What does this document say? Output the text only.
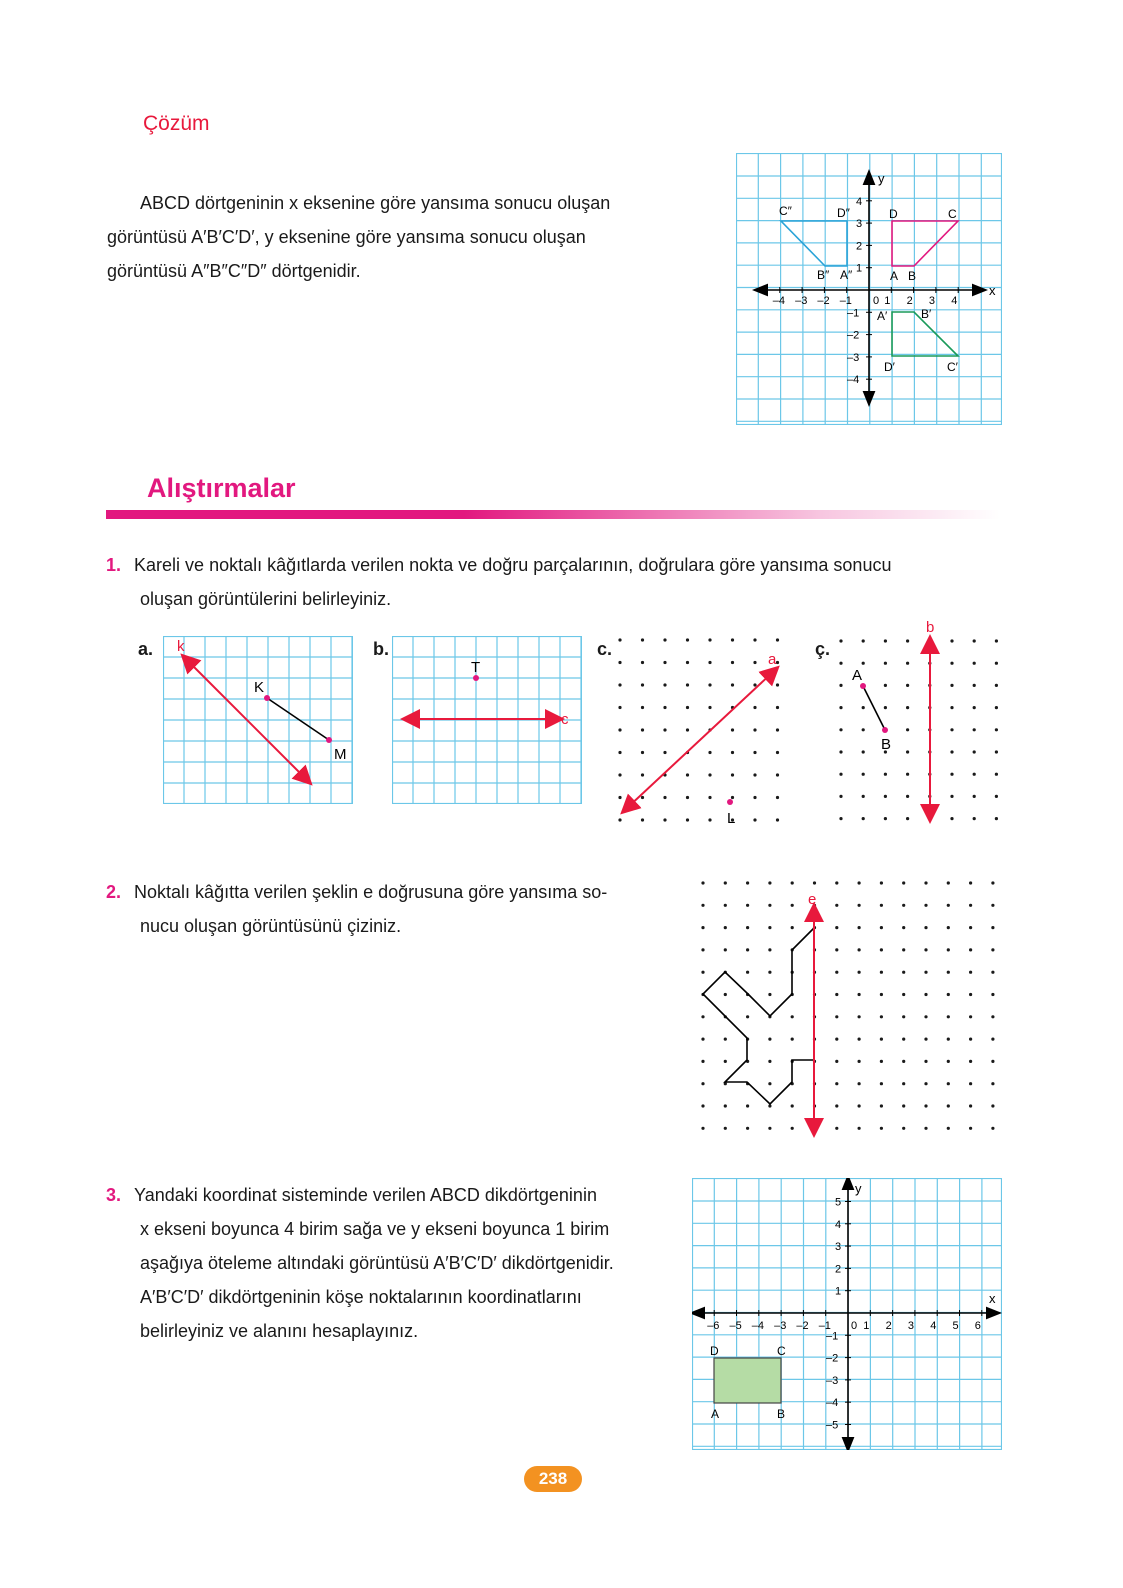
Çözüm
ABCD dörtgeninin x eksenine göre yansıma sonucu oluşan
görüntüsü A′B′C′D′, y eksenine göre yansıma sonucu oluşan
görüntüsü A″B″C″D″ dörtgenidir.
x
y
–4 –3 –2 –1 0 1 2 3 4
4
3
2
1
–1
–2
–3
–4
C″	D″
B″ A″
D	C
A B
A′	B′
D′	C′
Alıştırmalar
1. Kareli ve noktalı kâğıtlarda verilen nokta ve doğru parçalarının, doğrulara göre yansıma sonucu
oluşan görüntülerini belirleyiniz.
a.	b.	c.	ç.
k
K
M
T
c
L
a
A
B
b
2. Noktalı kâğıtta verilen şeklin e doğrusuna göre yansıma so-
nucu oluşan görüntüsünü çiziniz.
e
3. Yandaki koordinat sisteminde verilen ABCD dikdörtgeninin
x ekseni boyunca 4 birim sağa ve y ekseni boyunca 1 birim
aşağıya öteleme altındaki görüntüsü A′B′C′D′ dikdörtgenidir.
A′B′C′D′ dikdörtgeninin köşe noktalarının koordinatlarını
belirleyiniz ve alanını hesaplayınız.
x
y
–6 –5 –4 –3 –2 –1 0 1 2 3 4 5 6
5
4
3
2
1
–1
–2
–3
–4
–5
A	B
C
D
238
